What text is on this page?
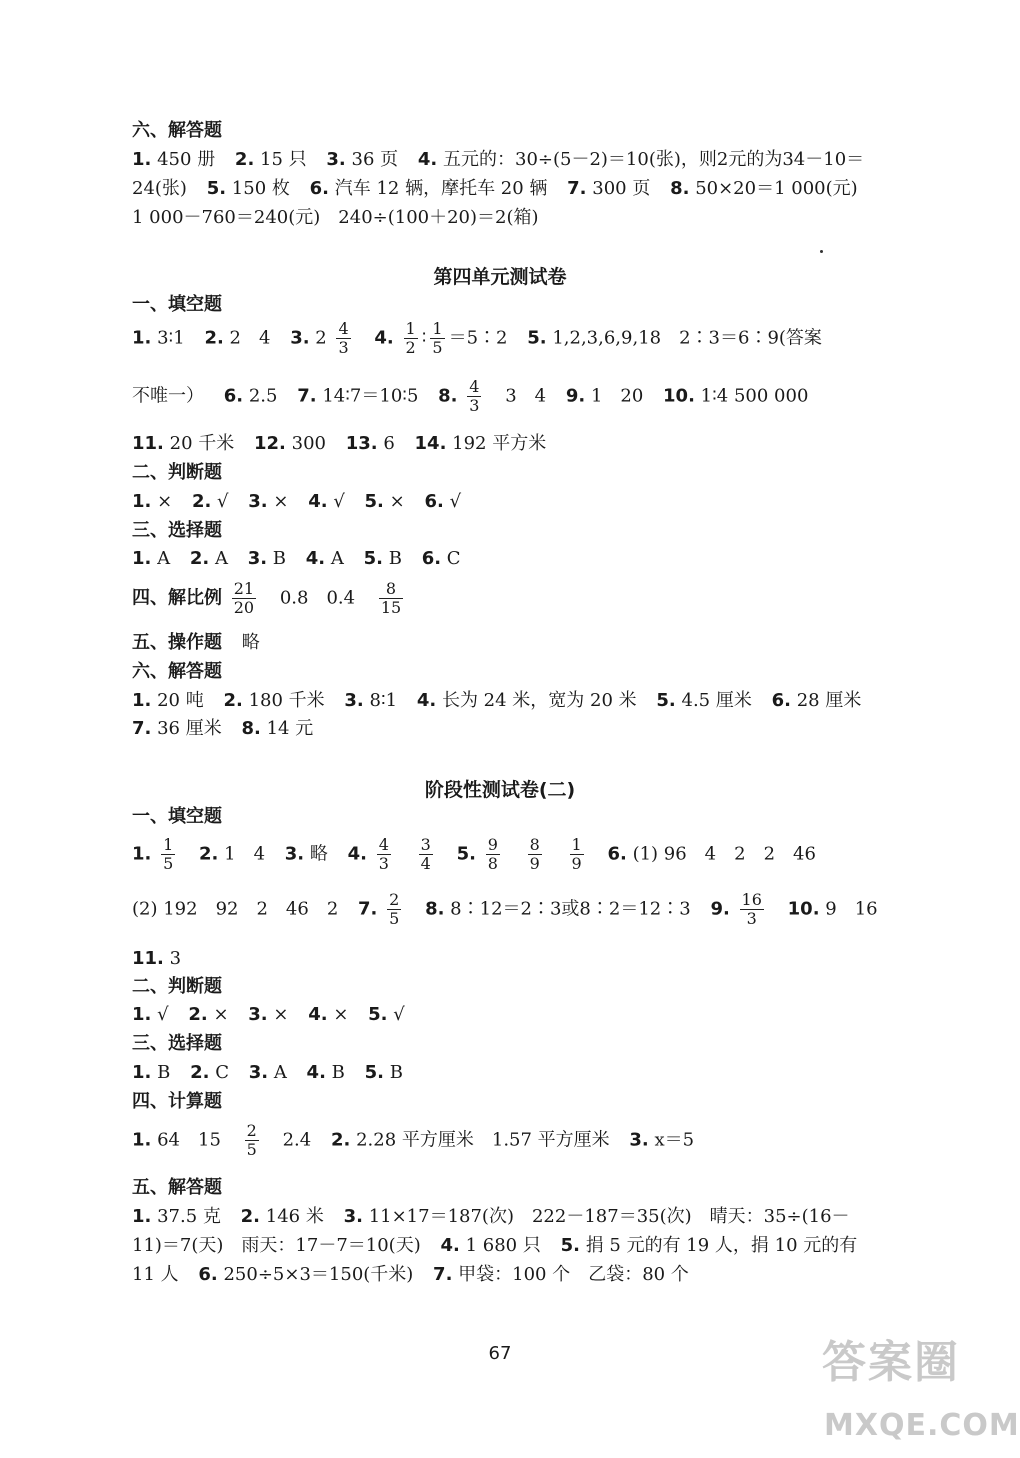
六、解答题
1. 450 册 2. 15 只 3. 36 页 4. 五元的：30÷(5－2)＝10(张)，则2元的为34－10＝
24(张) 5. 150 枚 6. 汽车 12 辆，摩托车 20 辆 7. 300 页 8. 50×20＝1 000(元)
1 000－760＝240(元)　240÷(100＋20)＝2(箱)
第四单元测试卷
一、填空题
1. 3∶1 2. 2　4 3. $2 \frac{4}{3} 4$. $\frac{1}{2}$ ∶ $\frac{1}{5}$ ＝5∶2 5. 1,2,3,6,9,18　2∶3＝6∶9(答案
不唯一） 6. 2.5 7. 14∶7＝10∶5 8. $\frac{4}{3} 3$　4 9. 1　20 10. 1∶4 500 000
11. 20 千米 12. 300 13. 6 14. 192 平方米
二、判断题
1. × 2. √ 3. × 4. √ 5. × 6. √
三、选择题
1. A 2. A 3. B 4. A 5. B 6. C
四、解比例 $\frac{21}{20} 0.8$　$0.4 \frac{8}{15}$
五、操作题 略
六、解答题
1. 20 吨 2. 180 千米 3. 8∶1 4. 长为 24 米，宽为 20 米 5. 4.5 厘米 6. 28 厘米
7. 36 厘米 8. 14 元
阶段性测试卷(二)
一、填空题
1. $\frac{1}{5} 2$. 1　4 3. 略 4. $\frac{4}{3}$
$\frac{3}{4} 5$. $\frac{9}{8}$
$\frac{8}{9}$
$\frac{1}{9} 6$. (1) 96　4　2　2　46
(2) 192　92　2　46　2 7. $\frac{2}{5} 8$. 8∶12＝2∶3或8∶2＝12∶3 9. $\frac{16}{3} 10$. 9　16
11. 3
二、判断题
1. √ 2. × 3. × 4. × 5. √
三、选择题
1. B 2. C 3. A 4. B 5. B
四、计算题
1. 64　$15 \frac{2}{5} 2.4$ 2. 2.28 平方厘米　1.57 平方厘米 3. x＝5
五、解答题
1. 37.5 克 2. 146 米 3. 11×17＝187(次)　222－187＝35(次)　晴天：35÷(16－
11)＝7(天)　雨天：17－7＝10(天) 4. 1 680 只 5. 捐 5 元的有 19 人，捐 10 元的有
11 人 6. 250÷5×3＝150(千米) 7. 甲袋：100 个　乙袋：80 个
67	答案圈
MXQE.COM
